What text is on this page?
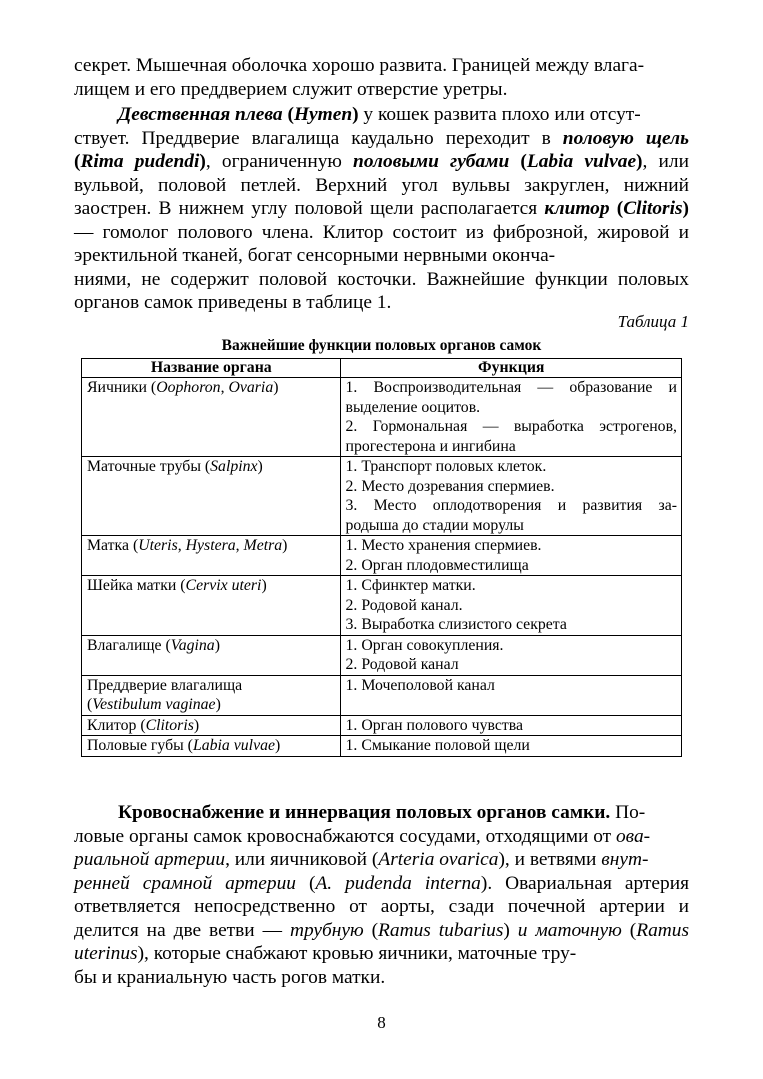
секрет. Мышечная оболочка хорошо развита. Границей между влага-лищем и его преддверием служит отверстие уретры.

Девственная плева (Hymen) у кошек развита плохо или отсут-ствует. Преддверие влагалища каудально переходит в половую щель (Rima pudendi), ограниченную половыми губами (Labia vulvae), или вульвой, половой петлей. Верхний угол вульвы закруглен, нижний заострен. В нижнем углу половой щели располагается клитор (Clitoris) — гомолог полового члена. Клитор состоит из фиброзной, жировой и эректильной тканей, богат сенсорными нервными оконча-ниями, не содержит половой косточки. Важнейшие функции половых органов самок приведены в таблице 1.

Таблица 1

Важнейшие функции половых органов самок

Название органа	Функция

Яичники (Oophoron, Ovaria)	1. Воспроизводительная — образование и
выделение ооцитов.
2. Гормональная — выработка эстрогенов,
прогестерона и ингибина

Маточные трубы (Salpinx)	1. Транспорт половых клеток.
2. Место дозревания спермиев.
3. Место оплодотворения и развития за-
родыша до стадии морулы

Матка (Uteris, Hystera, Metra)	1. Место хранения спермиев.
2. Орган плодовместилища

Шейка матки (Cervix uteri)	1. Сфинктер матки.
2. Родовой канал.
3. Выработка слизистого секрета

Влагалище (Vagina)	1. Орган совокупления.
2. Родовой канал

Преддверие влагалища
(Vestibulum vaginae)	1. Мочеполовой канал

Клитор (Clitoris)	1. Орган полового чувства

Половые губы (Labia vulvae)	1. Смыкание половой щели

Кровоснабжение и иннервация половых органов самки. По-ловые органы самок кровоснабжаются сосудами, отходящими от ова-риальной артерии, или яичниковой (Arteria ovarica), и ветвями внут-ренней срамной артерии (A. pudenda interna). Овариальная артерия ответвляется непосредственно от аорты, сзади почечной артерии и делится на две ветви — трубную (Ramus tubarius) и маточную (Ramus uterinus), которые снабжают кровью яичники, маточные тру-бы и краниальную часть рогов матки.

8
